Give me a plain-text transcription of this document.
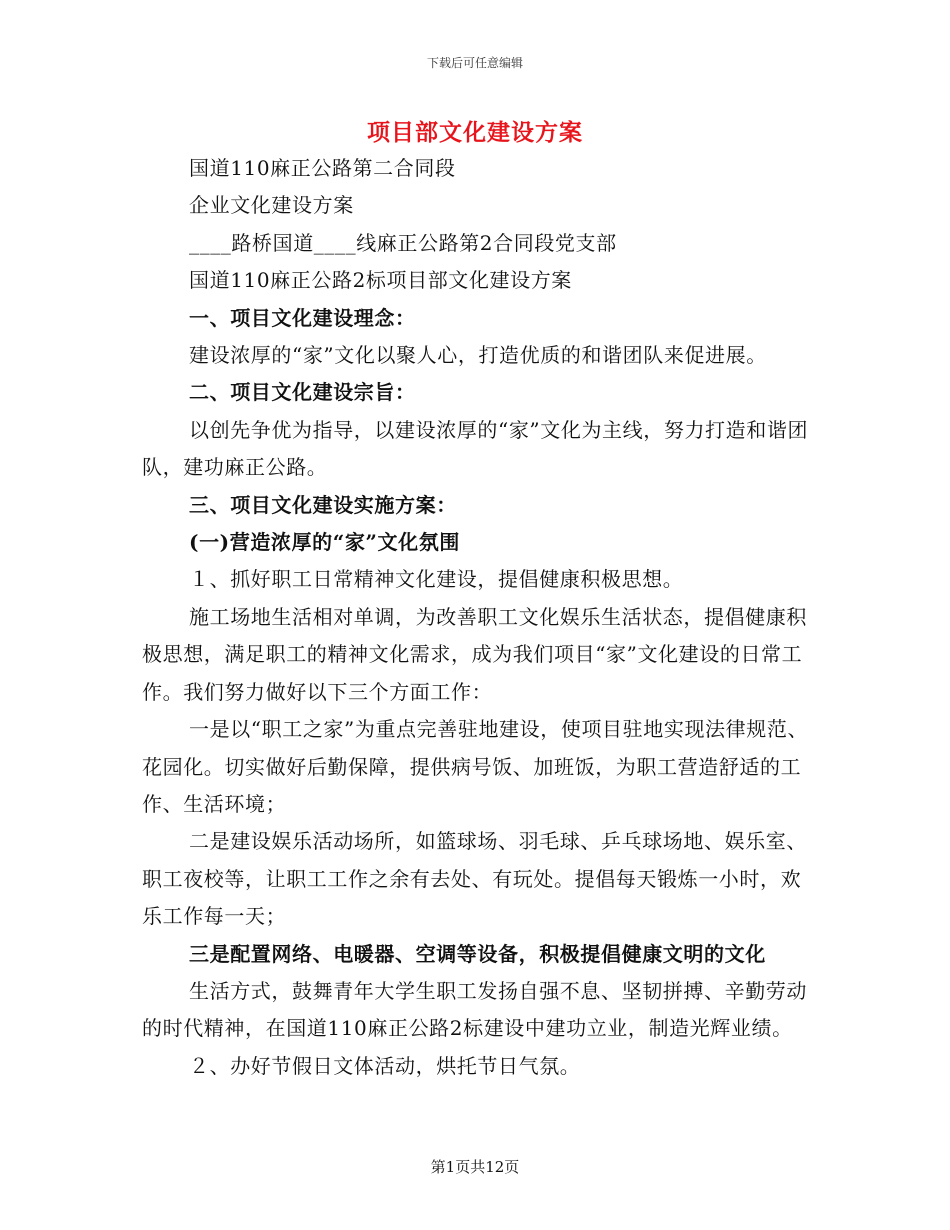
下载后可任意编辑
项目部文化建设方案

国道110麻正公路第二合同段

企业文化建设方案

____路桥国道____线麻正公路第2合同段党支部

国道110麻正公路2标项目部文化建设方案

一、项目文化建设理念：

建设浓厚的“家”文化以聚人心，打造优质的和谐团队来促进展。

二、项目文化建设宗旨：

以创先争优为指导，以建设浓厚的“家”文化为主线，努力打造和谐团队，建功麻正公路。

三、项目文化建设实施方案：

(一)营造浓厚的“家”文化氛围

１、抓好职工日常精神文化建设，提倡健康积极思想。

施工场地生活相对单调，为改善职工文化娱乐生活状态，提倡健康积极思想，满足职工的精神文化需求，成为我们项目“家”文化建设的日常工作。我们努力做好以下三个方面工作：

一是以“职工之家”为重点完善驻地建设，使项目驻地实现法律规范、花园化。切实做好后勤保障，提供病号饭、加班饭，为职工营造舒适的工作、生活环境；

二是建设娱乐活动场所，如篮球场、羽毛球、乒乓球场地、娱乐室、职工夜校等，让职工工作之余有去处、有玩处。提倡每天锻炼一小时，欢乐工作每一天；

三是配置网络、电暖器、空调等设备，积极提倡健康文明的文化

生活方式，鼓舞青年大学生职工发扬自强不息、坚韧拼搏、辛勤劳动的时代精神，在国道110麻正公路2标建设中建功立业，制造光辉业绩。

２、办好节假日文体活动，烘托节日气氛。

第1页共12页
